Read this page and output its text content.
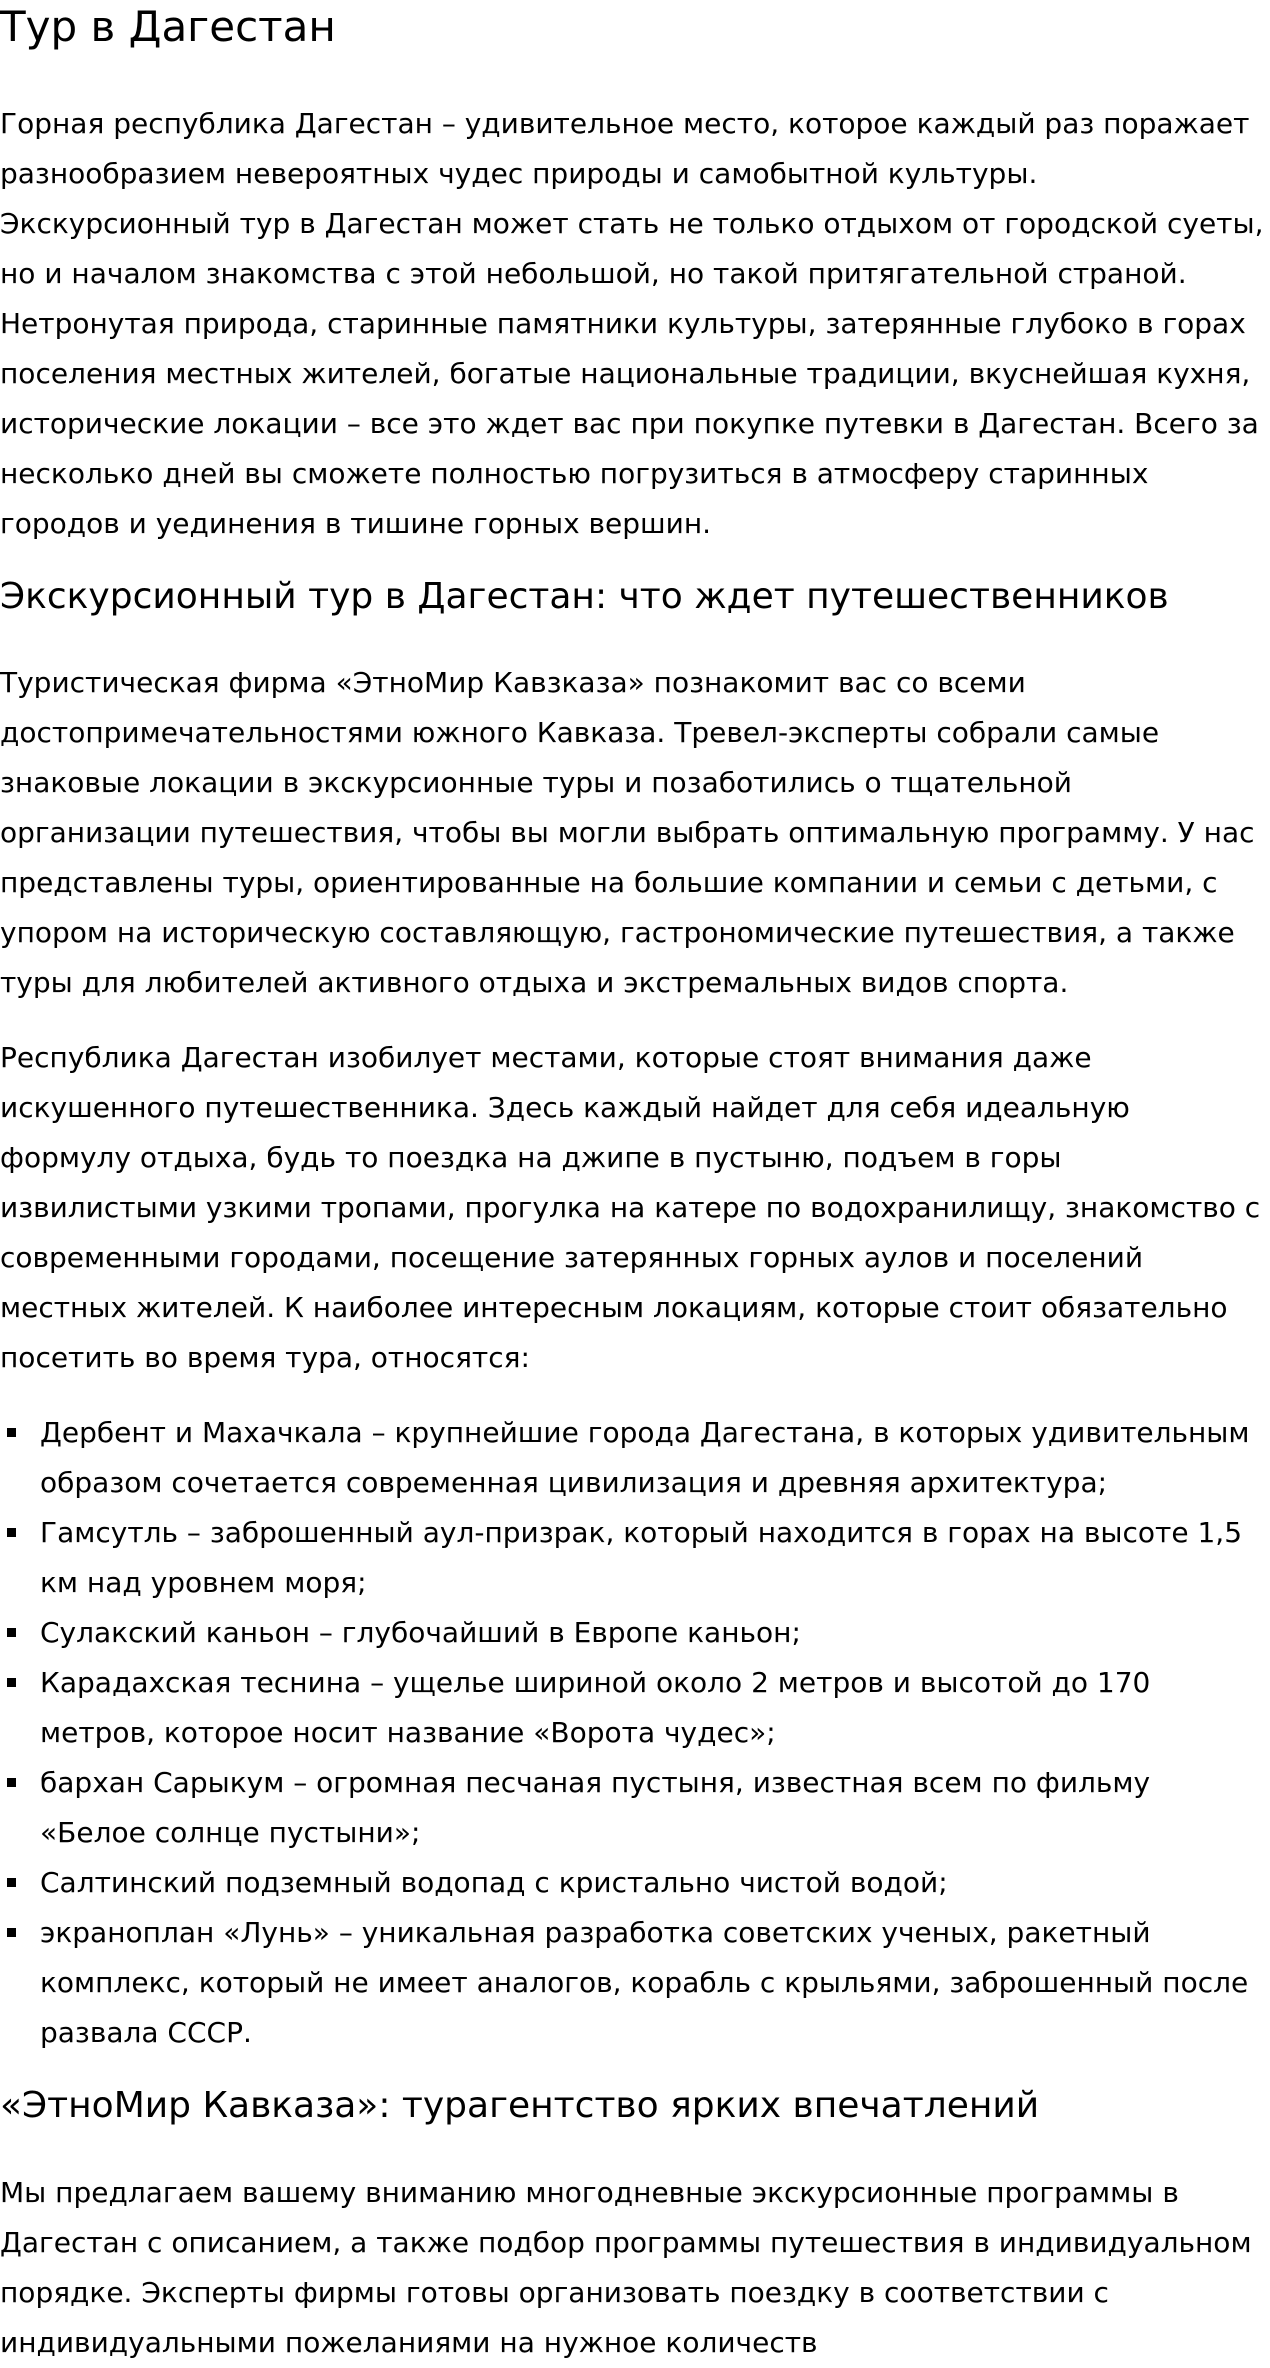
Тур в Дагестан

Горная республика Дагестан – удивительное место, которое каждый раз поражает разнообразием невероятных чудес природы и самобытной культуры. Экскурсионный тур в Дагестан может стать не только отдыхом от городской суеты, но и началом знакомства с этой небольшой, но такой притягательной страной. Нетронутая природа, старинные памятники культуры, затерянные глубоко в горах поселения местных жителей, богатые национальные традиции, вкуснейшая кухня, исторические локации – все это ждет вас при покупке путевки в Дагестан. Всего за несколько дней вы сможете полностью погрузиться в атмосферу старинных городов и уединения в тишине горных вершин.

Экскурсионный тур в Дагестан: что ждет путешественников

Туристическая фирма «ЭтноМир Кавзказа» познакомит вас со всеми достопримечательностями южного Кавказа. Тревел-эксперты собрали самые знаковые локации в экскурсионные туры и позаботились о тщательной организации путешествия, чтобы вы могли выбрать оптимальную программу. У нас представлены туры, ориентированные на большие компании и семьи с детьми, с упором на историческую составляющую, гастрономические путешествия, а также туры для любителей активного отдыха и экстремальных видов спорта.

Республика Дагестан изобилует местами, которые стоят внимания даже искушенного путешественника. Здесь каждый найдет для себя идеальную формулу отдыха, будь то поездка на джипе в пустыню, подъем в горы извилистыми узкими тропами, прогулка на катере по водохранилищу, знакомство с современными городами, посещение затерянных горных аулов и поселений местных жителей. К наиболее интересным локациям, которые стоит обязательно посетить во время тура, относятся:

Дербент и Махачкала – крупнейшие города Дагестана, в которых удивительным образом сочетается современная цивилизация и древняя архитектура;
Гамсутль – заброшенный аул-призрак, который находится в горах на высоте 1,5 км над уровнем моря;
Сулакский каньон – глубочайший в Европе каньон;
Карадахская теснина – ущелье шириной около 2 метров и высотой до 170 метров, которое носит название «Ворота чудес»;
бархан Сарыкум – огромная песчаная пустыня, известная всем по фильму «Белое солнце пустыни»;
Салтинский подземный водопад с кристально чистой водой;
экраноплан «Лунь» – уникальная разработка советских ученых, ракетный комплекс, который не имеет аналогов, корабль с крыльями, заброшенный после развала СССР.
«ЭтноМир Кавказа»: турагентство ярких впечатлений

Мы предлагаем вашему вниманию многодневные экскурсионные программы в Дагестан с описанием, а также подбор программы путешествия в индивидуальном порядке. Эксперты фирмы готовы организовать поездку в соответствии с индивидуальными пожеланиями на нужное количеств
